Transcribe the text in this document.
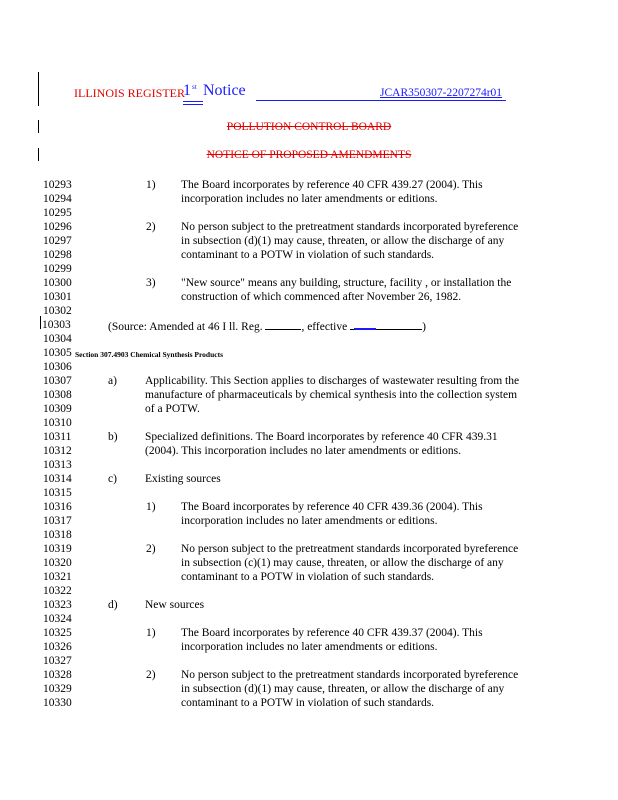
ILLINOIS REGISTER
1st Notice	JCAR350307-2207274r01
POLLUTION CONTROL BOARD
NOTICE OF PROPOSED AMENDMENTS
10293	1) The Board incorporates by reference 40 CFR 439.27 (2004). This
10294	incorporation includes no later amendments or editions.
10295
10296	2) No person subject to the pretreatment standards incorporated byreference
10297	in subsection (d)(1) may cause, threaten, or allow the discharge of any
10298	contaminant to a POTW in violation of such standards.
10299
10300	3) "New source" means any building, structure, facility , or installation the
10301	construction of which commenced after November 26, 1982.
10302
10303	(Source: Amended at 46 I ll. Reg.	, effective	)
10304
10305 Section 307.4903 Chemical Synthesis Products
10306
10307	a) Applicability. This Section applies to discharges of wastewater resulting from the
10308	manufacture of pharmaceuticals by chemical synthesis into the collection system
10309	of a POTW.
10310
10311	b) Specialized definitions. The Board incorporates by reference 40 CFR 439.31
10312	(2004). This incorporation includes no later amendments or editions.
10313
10314	c) Existing sources
10315
10316	1) The Board incorporates by reference 40 CFR 439.36 (2004). This
10317	incorporation includes no later amendments or editions.
10318
10319	2) No person subject to the pretreatment standards incorporated byreference
10320	in subsection (c)(1) may cause, threaten, or allow the discharge of any
10321	contaminant to a POTW in violation of such standards.
10322
10323	d) New sources
10324
10325	1) The Board incorporates by reference 40 CFR 439.37 (2004). This
10326	incorporation includes no later amendments or editions.
10327
10328	2) No person subject to the pretreatment standards incorporated byreference
10329	in subsection (d)(1) may cause, threaten, or allow the discharge of any
10330	contaminant to a POTW in violation of such standards.
